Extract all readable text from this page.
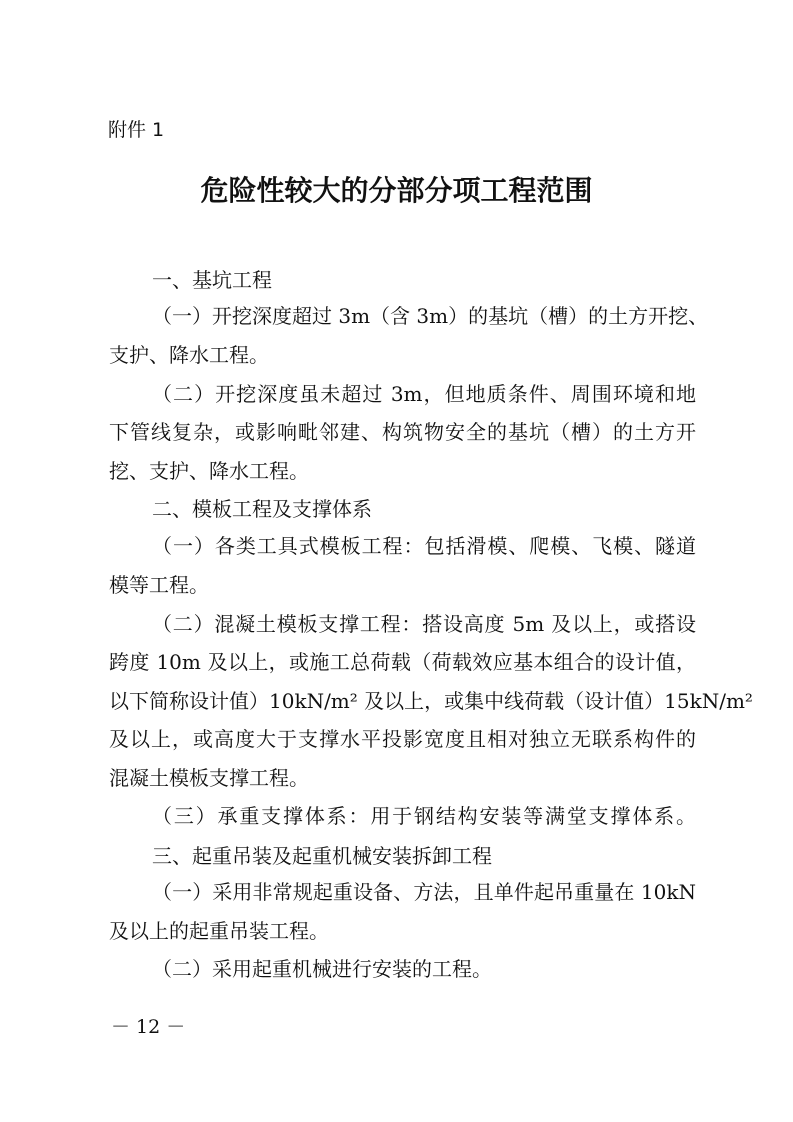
附件 1
危险性较大的分部分项工程范围
一、基坑工程
（一）开挖深度超过 3m（含 3m）的基坑（槽）的土方开挖、
支护、降水工程。
（二）开挖深度虽未超过 3m，但地质条件、周围环境和地
下管线复杂，或影响毗邻建、构筑物安全的基坑（槽）的土方开
挖、支护、降水工程。
二、模板工程及支撑体系
（一）各类工具式模板工程：包括滑模、爬模、飞模、隧道
模等工程。
（二）混凝土模板支撑工程：搭设高度 5m 及以上，或搭设
跨度 10m 及以上，或施工总荷载（荷载效应基本组合的设计值，
以下简称设计值）10kN/m² 及以上，或集中线荷载（设计值）15kN/m²
及以上，或高度大于支撑水平投影宽度且相对独立无联系构件的
混凝土模板支撑工程。
（三）承重支撑体系：用于钢结构安装等满堂支撑体系。
三、起重吊装及起重机械安装拆卸工程
（一）采用非常规起重设备、方法，且单件起吊重量在 10kN
及以上的起重吊装工程。
（二）采用起重机械进行安装的工程。
－ 12 －
